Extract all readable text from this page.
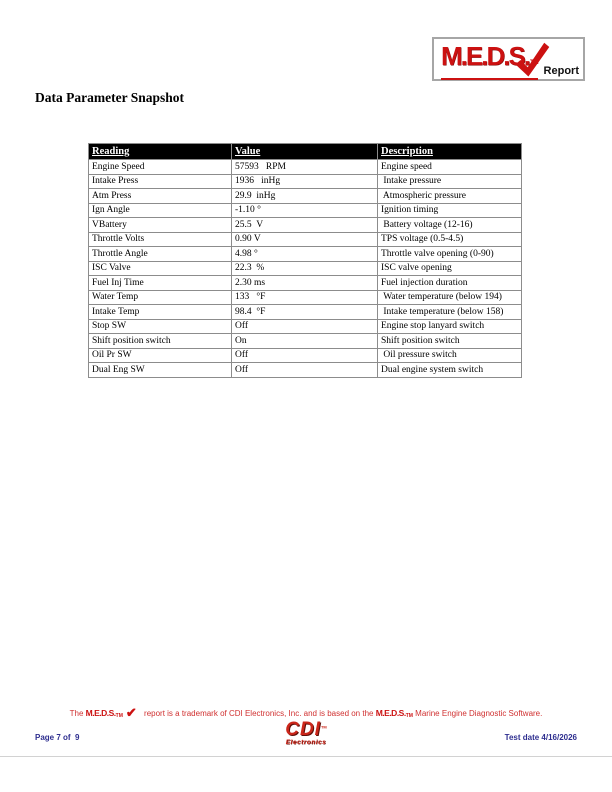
M.E.D.S.	Report
Data Parameter Snapshot
Reading	Value	Description
Engine Speed	57593   RPM	Engine speed
Intake Press	1936   inHg	Intake pressure
Atm Press	29.9  inHg	Atmospheric pressure
Ign Angle	-1.10 °	Ignition timing
VBattery	25.5  V	Battery voltage (12-16)
Throttle Volts	0.90 V	TPS voltage (0.5-4.5)
Throttle Angle	4.98 °	Throttle valve opening (0-90)
ISC Valve	22.3  %	ISC valve opening
Fuel Inj Time	2.30 ms	Fuel injection duration
Water Temp	133   °F	Water temperature (below 194)
Intake Temp	98.4  °F	Intake temperature (below 158)
Stop SW	Off	Engine stop lanyard switch
Shift position switch	On	Shift position switch
Oil Pr SW	Off	Oil pressure switch
Dual Eng SW	Off	Dual engine system switch
The M.E.D.S.TM ✔ report is a trademark of CDI Electronics, Inc. and is based on the M.E.D.S.TM Marine Engine Diagnostic Software.
Page 7 of  9	CDI™
Electronics
Test date 4/16/2026
